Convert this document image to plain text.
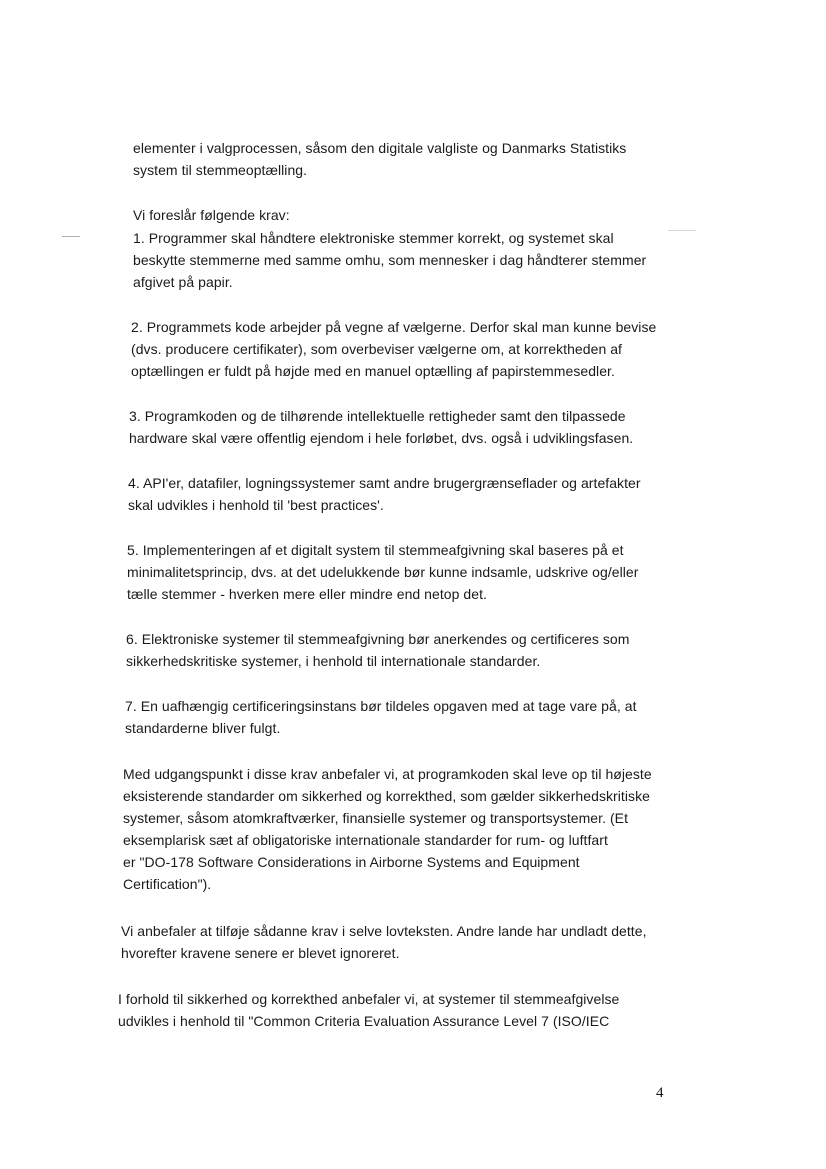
elementer i valgprocessen, såsom den digitale valgliste og Danmarks Statistiks
system til stemmeoptælling.
Vi foreslår følgende krav:
1. Programmer skal håndtere elektroniske stemmer korrekt, og systemet skal
beskytte stemmerne med samme omhu, som mennesker i dag håndterer stemmer
afgivet på papir.
2. Programmets kode arbejder på vegne af vælgerne. Derfor skal man kunne bevise
(dvs. producere certifikater), som overbeviser vælgerne om, at korrektheden af
optællingen er fuldt på højde med en manuel optælling af papirstemmesedler.
3. Programkoden og de tilhørende intellektuelle rettigheder samt den tilpassede
hardware skal være offentlig ejendom i hele forløbet, dvs. også i udviklingsfasen.
4. API'er, datafiler, logningssystemer samt andre brugergrænseflader og artefakter
skal udvikles i henhold til 'best practices'.
5. Implementeringen af et digitalt system til stemmeafgivning skal baseres på et
minimalitetsprincip, dvs. at det udelukkende bør kunne indsamle, udskrive og/eller
tælle stemmer - hverken mere eller mindre end netop det.
6. Elektroniske systemer til stemmeafgivning bør anerkendes og certificeres som
sikkerhedskritiske systemer, i henhold til internationale standarder.
7. En uafhængig certificeringsinstans bør tildeles opgaven med at tage vare på, at
standarderne bliver fulgt.
Med udgangspunkt i disse krav anbefaler vi, at programkoden skal leve op til højeste
eksisterende standarder om sikkerhed og korrekthed, som gælder sikkerhedskritiske
systemer, såsom atomkraftværker, finansielle systemer og transportsystemer. (Et
eksemplarisk sæt af obligatoriske internationale standarder for rum- og luftfart
er "DO-178 Software Considerations in Airborne Systems and Equipment
Certification").
Vi anbefaler at tilføje sådanne krav i selve lovteksten. Andre lande har undladt dette,
hvorefter kravene senere er blevet ignoreret.
I forhold til sikkerhed og korrekthed anbefaler vi, at systemer til stemmeafgivelse
udvikles i henhold til "Common Criteria Evaluation Assurance Level 7 (ISO/IEC
4
